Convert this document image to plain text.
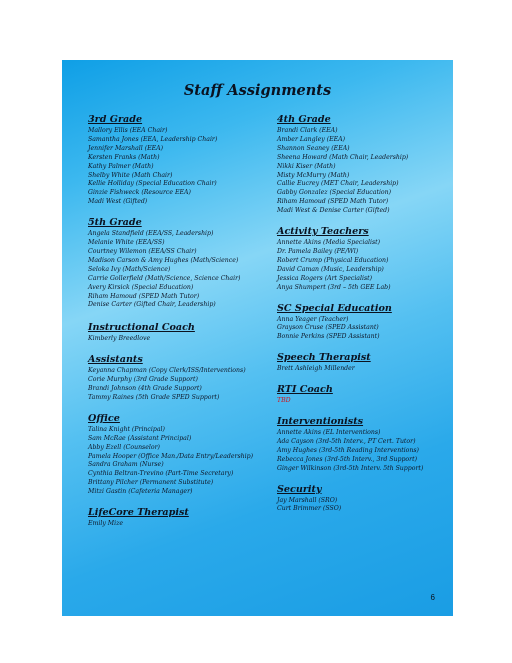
Staff Assignments
3rd Grade
Mallory Ellis (EEA Chair)
Samantha Jones (EEA, Leadership Chair)
Jennifer Marshall (EEA)
Kersten Franks (Math)
Kathy Palmer (Math)
Shelby White (Math Chair)
Kellie Holliday (Special Education Chair)
Ginzie Fishweck (Resource EEA)
Madi West (Gifted)
5th Grade
Angela Standfield (EEA/SS, Leadership)
Melanie White (EEA/SS)
Courtney Wilemon (EEA/SS Chair)
Madison Carson & Amy Hughes (Math/Science)
Seloka Ivy (Math/Science)
Carrie Gollerfield (Math/Science, Science Chair)
Avery Kirsick (Special Education)
Riham Hamoud (SPED Math Tutor)
Denise Carter (Gifted Chair, Leadership)
Instructional Coach
Kimberly Breedlove
Assistants
Keyanna Chapman (Copy Clerk/ISS/Interventions)
Corie Murphy (3rd Grade Support)
Brandi Johnson (4th Grade Support)
Tammy Raines (5th Grade SPED Support)
Office
Talina Knight (Principal)
Sam McRae (Assistant Principal)
Abby Ezell (Counselor)
Pamela Hooper (Office Man./Data Entry/Leadership)
Sandra Graham (Nurse)
Cynthia Beltran-Trevino (Part-Time Secretary)
Brittany Pilcher (Permanent Substitute)
Mitzi Gastin (Cafeteria Manager)
LifeCore Therapist
Emily Mize
4th Grade
Brandi Clark (EEA)
Amber Langley (EEA)
Shannon Seaney (EEA)
Sheena Howard (Math Chair, Leadership)
Nikki Kiser (Math)
Misty McMurry (Math)
Callie Eucrey (MET Chair, Leadership)
Gabby Gonzalez (Special Education)
Riham Hamoud (SPED Math Tutor)
Madi West & Denise Carter (Gifted)
Activity Teachers
Annette Akins (Media Specialist)
Dr. Pamela Bailey (PE/Wl)
Robert Crump (Physical Education)
David Caman (Music, Leadership)
Jessica Rogers (Art Specialist)
Anya Shumpert (3rd – 5th GEE Lab)
SC Special Education
Anna Yeager (Teacher)
Grayson Cruse (SPED Assistant)
Bonnie Perkins (SPED Assistant)
Speech Therapist
Brett Ashleigh Millender
RTI Coach
TBD
Interventionists
Annette Akins (EL Interventions)
Ada Cayson (3rd-5th Interv., PT Cert. Tutor)
Amy Hughes (3rd-5th Reading Interventions)
Rebecca Jones (3rd-5th Interv., 3rd Support)
Ginger Wilkinson (3rd-5th Interv. 5th Support)
Security
Jay Marshall (SRO)
Curt Brimmer (SSO)
6
